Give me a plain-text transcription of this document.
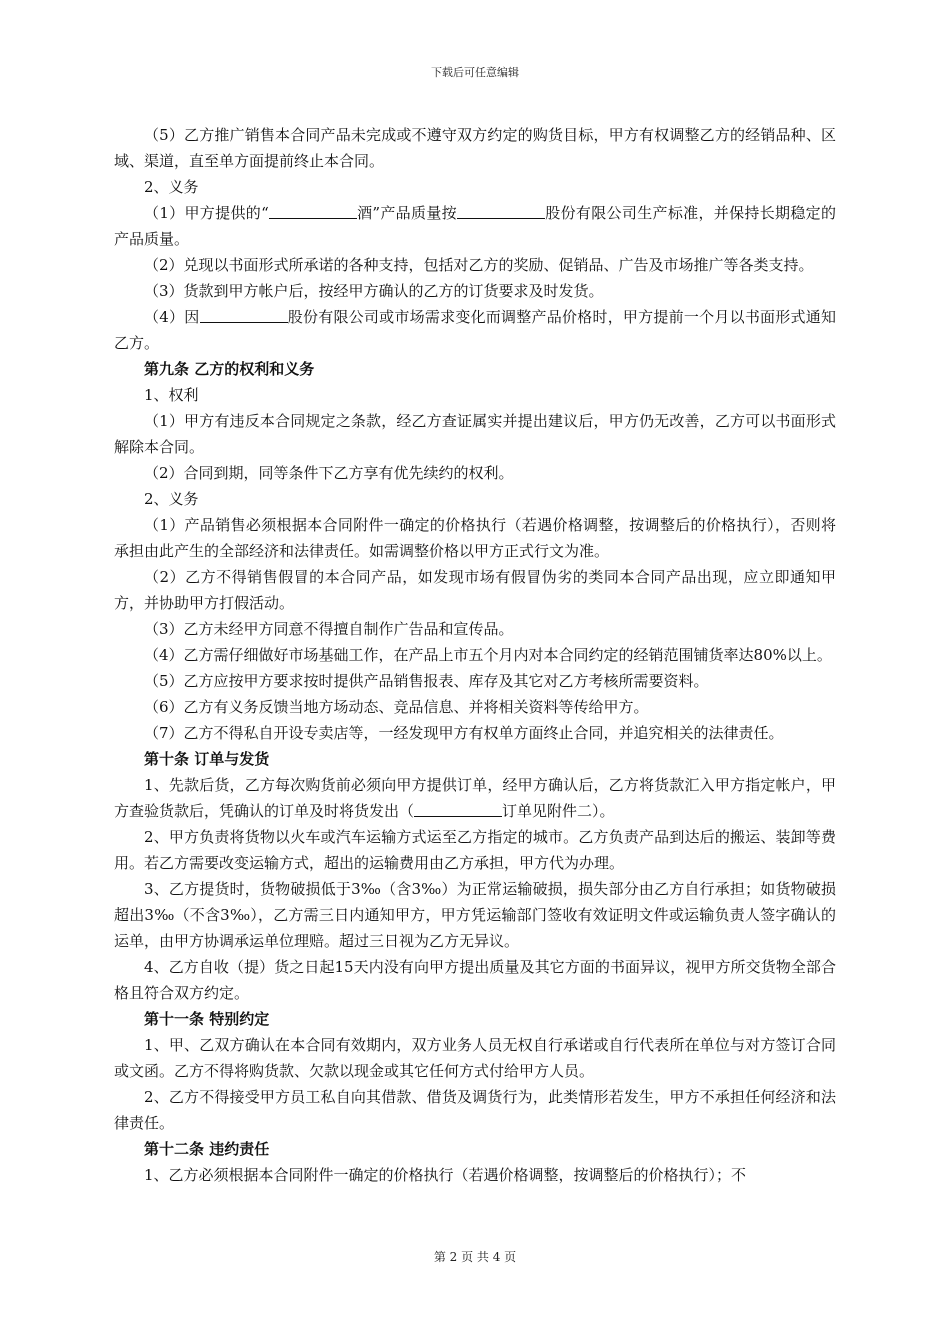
下载后可任意编辑

（5）乙方推广销售本合同产品未完成或不遵守双方约定的购货目标，甲方有权调整乙方的经销品种、区域、渠道，直至单方面提前终止本合同。

2、义务

（1）甲方提供的“	酒”产品质量按	股份有限公司生产标准，并保持长期稳定的产品质量。

（2）兑现以书面形式所承诺的各种支持，包括对乙方的奖励、促销品、广告及市场推广等各类支持。

（3）货款到甲方帐户后，按经甲方确认的乙方的订货要求及时发货。

（4）因	股份有限公司或市场需求变化而调整产品价格时，甲方提前一个月以书面形式通知乙方。

第九条 乙方的权利和义务

1、权利

（1）甲方有违反本合同规定之条款，经乙方查证属实并提出建议后，甲方仍无改善，乙方可以书面形式解除本合同。

（2）合同到期，同等条件下乙方享有优先续约的权利。

2、义务

（1）产品销售必须根据本合同附件一确定的价格执行（若遇价格调整，按调整后的价格执行），否则将承担由此产生的全部经济和法律责任。如需调整价格以甲方正式行文为准。

（2）乙方不得销售假冒的本合同产品，如发现市场有假冒伪劣的类同本合同产品出现，应立即通知甲方，并协助甲方打假活动。

（3）乙方未经甲方同意不得擅自制作广告品和宣传品。

（4）乙方需仔细做好市场基础工作，在产品上市五个月内对本合同约定的经销范围铺货率达80%以上。

（5）乙方应按甲方要求按时提供产品销售报表、库存及其它对乙方考核所需要资料。

（6）乙方有义务反馈当地方场动态、竞品信息、并将相关资料等传给甲方。

（7）乙方不得私自开设专卖店等，一经发现甲方有权单方面终止合同，并追究相关的法律责任。

第十条 订单与发货

1、先款后货，乙方每次购货前必须向甲方提供订单，经甲方确认后，乙方将货款汇入甲方指定帐户，甲方查验货款后，凭确认的订单及时将货发出（	订单见附件二）。

2、甲方负责将货物以火车或汽车运输方式运至乙方指定的城市。乙方负责产品到达后的搬运、装卸等费用。若乙方需要改变运输方式，超出的运输费用由乙方承担，甲方代为办理。

3、乙方提货时，货物破损低于3‰（含3‰）为正常运输破损，损失部分由乙方自行承担；如货物破损超出3‰（不含3‰），乙方需三日内通知甲方，甲方凭运输部门签收有效证明文件或运输负责人签字确认的运单，由甲方协调承运单位理赔。超过三日视为乙方无异议。

4、乙方自收（提）货之日起15天内没有向甲方提出质量及其它方面的书面异议，视甲方所交货物全部合格且符合双方约定。

第十一条 特别约定

1、甲、乙双方确认在本合同有效期内，双方业务人员无权自行承诺或自行代表所在单位与对方签订合同或文函。乙方不得将购货款、欠款以现金或其它任何方式付给甲方人员。

2、乙方不得接受甲方员工私自向其借款、借货及调货行为，此类情形若发生，甲方不承担任何经济和法律责任。

第十二条 违约责任

1、乙方必须根据本合同附件一确定的价格执行（若遇价格调整，按调整后的价格执行）；不

第 2 页 共 4 页
